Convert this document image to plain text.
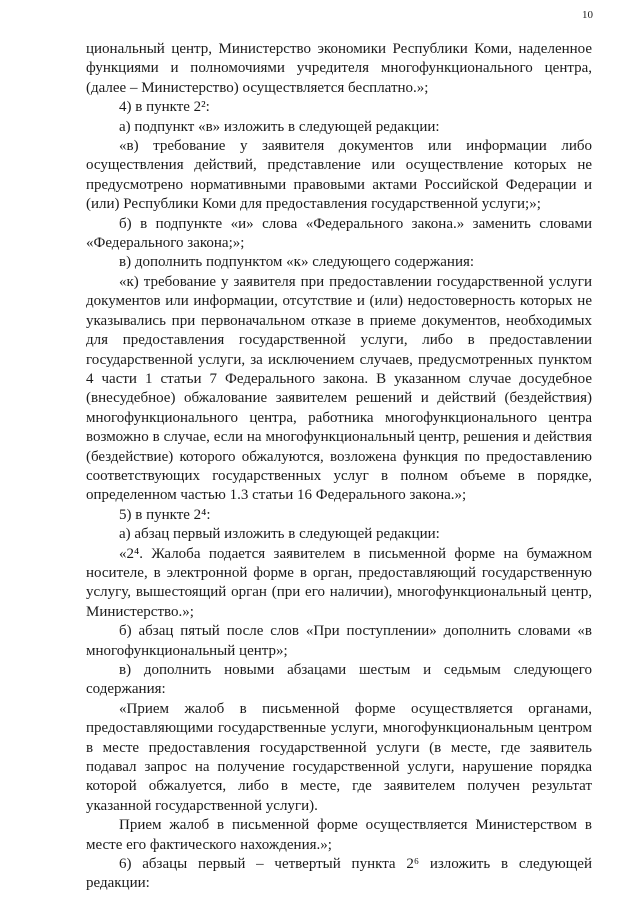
10

циональный центр, Министерство экономики Республики Коми, наделенное функциями и полномочиями учредителя многофункционального центра, (далее – Министерство) осуществляется бесплатно.»;

4) в пункте 2²:

а) подпункт «в» изложить в следующей редакции:

«в) требование у заявителя документов или информации либо осуществления действий, представление или осуществление которых не предусмотрено нормативными правовыми актами Российской Федерации и (или) Республики Коми для предоставления государственной услуги;»;

б) в подпункте «и» слова «Федерального закона.» заменить словами «Федерального закона;»;

в) дополнить подпунктом «к» следующего содержания:

«к) требование у заявителя при предоставлении государственной услуги документов или информации, отсутствие и (или) недостоверность которых не указывались при первоначальном отказе в приеме документов, необходимых для предоставления государственной услуги, либо в предоставлении государственной услуги, за исключением случаев, предусмотренных пунктом 4 части 1 статьи 7 Федерального закона. В указанном случае досудебное (внесудебное) обжалование заявителем решений и действий (бездействия) многофункционального центра, работника многофункционального центра возможно в случае, если на многофункциональный центр, решения и действия (бездействие) которого обжалуются, возложена функция по предоставлению соответствующих государственных услуг в полном объеме в порядке, определенном частью 1.3 статьи 16 Федерального закона.»;

5) в пункте 2⁴:

а) абзац первый изложить в следующей редакции:

«2⁴. Жалоба подается заявителем в письменной форме на бумажном носителе, в электронной форме в орган, предоставляющий государственную услугу, вышестоящий орган (при его наличии), многофункциональный центр, Министерство.»;

б) абзац пятый после слов «При поступлении» дополнить словами «в многофункциональный центр»;

в) дополнить новыми абзацами шестым и седьмым следующего содержания:

«Прием жалоб в письменной форме осуществляется органами, предоставляющими государственные услуги, многофункциональным центром в месте предоставления государственной услуги (в месте, где заявитель подавал запрос на получение государственной услуги, нарушение порядка которой обжалуется, либо в месте, где заявителем получен результат указанной государственной услуги).

Прием жалоб в письменной форме осуществляется Министерством в месте его фактического нахождения.»;

6) абзацы первый – четвертый пункта 2⁶ изложить в следующей редакции:
